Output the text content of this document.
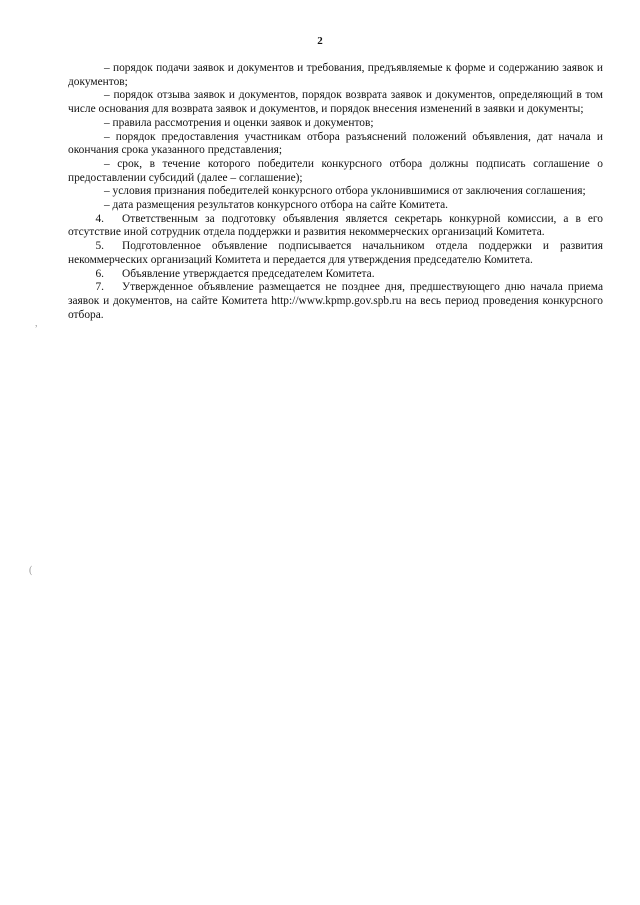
2

– порядок подачи заявок и документов и требования, предъявляемые к форме и содержанию заявок и документов;

– порядок отзыва заявок и документов, порядок возврата заявок и документов, определяющий в том числе основания для возврата заявок и документов, и порядок внесения изменений в заявки и документы;

– правила рассмотрения и оценки заявок и документов;

– порядок предоставления участникам отбора разъяснений положений объявления, дат начала и окончания срока указанного представления;

– срок, в течение которого победители конкурсного отбора должны подписать соглашение о предоставлении субсидий (далее – соглашение);

– условия признания победителей конкурсного отбора уклонившимися от заключения соглашения;

– дата размещения результатов конкурсного отбора на сайте Комитета.

4. Ответственным за подготовку объявления является секретарь конкурной комиссии, а в его отсутствие иной сотрудник отдела поддержки и развития некоммерческих организаций Комитета.

5. Подготовленное объявление подписывается начальником отдела поддержки и развития некоммерческих организаций Комитета и передается для утверждения председателю Комитета.

6. Объявление утверждается председателем Комитета.

7. Утвержденное объявление размещается не позднее дня, предшествующего дню начала приема заявок и документов, на сайте Комитета http://www.kpmp.gov.spb.ru на весь период проведения конкурсного отбора.

,
(
